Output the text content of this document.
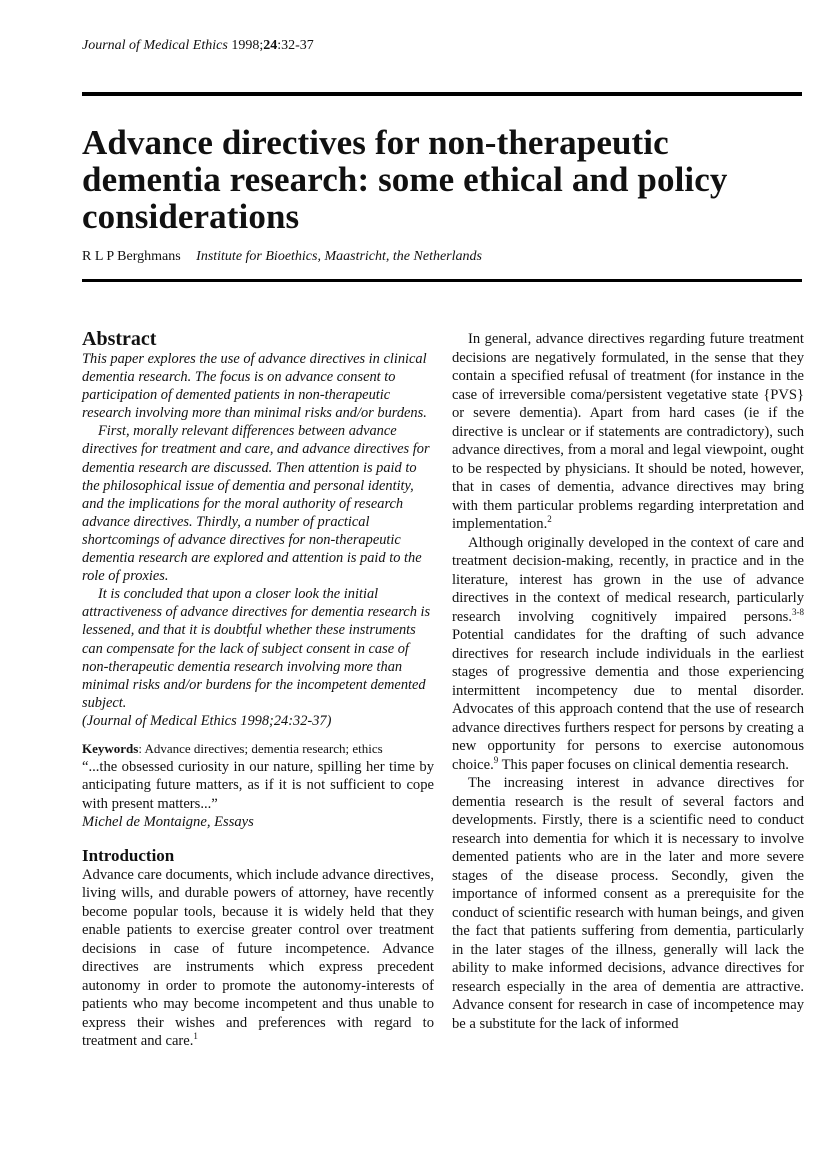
Journal of Medical Ethics 1998;24:32-37
Advance directives for non-therapeutic dementia research: some ethical and policy considerations
R L P Berghmans Institute for Bioethics, Maastricht, the Netherlands
Abstract

This paper explores the use of advance directives in clinical dementia research. The focus is on advance consent to participation of demented patients in non-therapeutic research involving more than minimal risks and/or burdens.

First, morally relevant differences between advance directives for treatment and care, and advance directives for dementia research are discussed. Then attention is paid to the philosophical issue of dementia and personal identity, and the implications for the moral authority of research advance directives. Thirdly, a number of practical shortcomings of advance directives for non-therapeutic dementia research are explored and attention is paid to the role of proxies.

It is concluded that upon a closer look the initial attractiveness of advance directives for dementia research is lessened, and that it is doubtful whether these instruments can compensate for the lack of subject consent in case of non-therapeutic dementia research involving more than minimal risks and/or burdens for the incompetent demented subject.

(Journal of Medical Ethics 1998;24:32-37)

Keywords: Advance directives; dementia research; ethics

“...the obsessed curiosity in our nature, spilling her time by anticipating future matters, as if it is not sufficient to cope with present matters...”

Michel de Montaigne, Essays

Introduction

Advance care documents, which include advance directives, living wills, and durable powers of attorney, have recently become popular tools, because it is widely held that they enable patients to exercise greater control over treatment decisions in case of future incompetence. Advance directives are instruments which express precedent autonomy in order to promote the autonomy-interests of patients who may become incompetent and thus unable to express their wishes and preferences with regard to treatment and care.$^1$

In general, advance directives regarding future treatment decisions are negatively formulated, in the sense that they contain a specified refusal of treatment (for instance in the case of irreversible coma/persistent vegetative state {PVS} or severe dementia). Apart from hard cases (ie if the directive is unclear or if statements are contradictory), such advance directives, from a moral and legal viewpoint, ought to be respected by physicians. It should be noted, however, that in cases of dementia, advance directives may bring with them particular problems regarding interpretation and implementation.$^2$

Although originally developed in the context of care and treatment decision-making, recently, in practice and in the literature, interest has grown in the use of advance directives in the context of medical research, particularly research involving cognitively impaired persons.$^{3-8}$ Potential candidates for the drafting of such advance directives for research include individuals in the earliest stages of progressive dementia and those experiencing intermittent incompetency due to mental disorder. Advocates of this approach contend that the use of research advance directives furthers respect for persons by creating a new opportunity for persons to exercise autonomous choice.$^9$ This paper focuses on clinical dementia research.

The increasing interest in advance directives for dementia research is the result of several factors and developments. Firstly, there is a scientific need to conduct research into dementia for which it is necessary to involve demented patients who are in the later and more severe stages of the disease process. Secondly, given the importance of informed consent as a prerequisite for the conduct of scientific research with human beings, and given the fact that patients suffering from dementia, particularly in the later stages of the illness, generally will lack the ability to make informed decisions, advance directives for research especially in the area of dementia are attractive. Advance consent for research in case of incompetence may be a substitute for the lack of informed
